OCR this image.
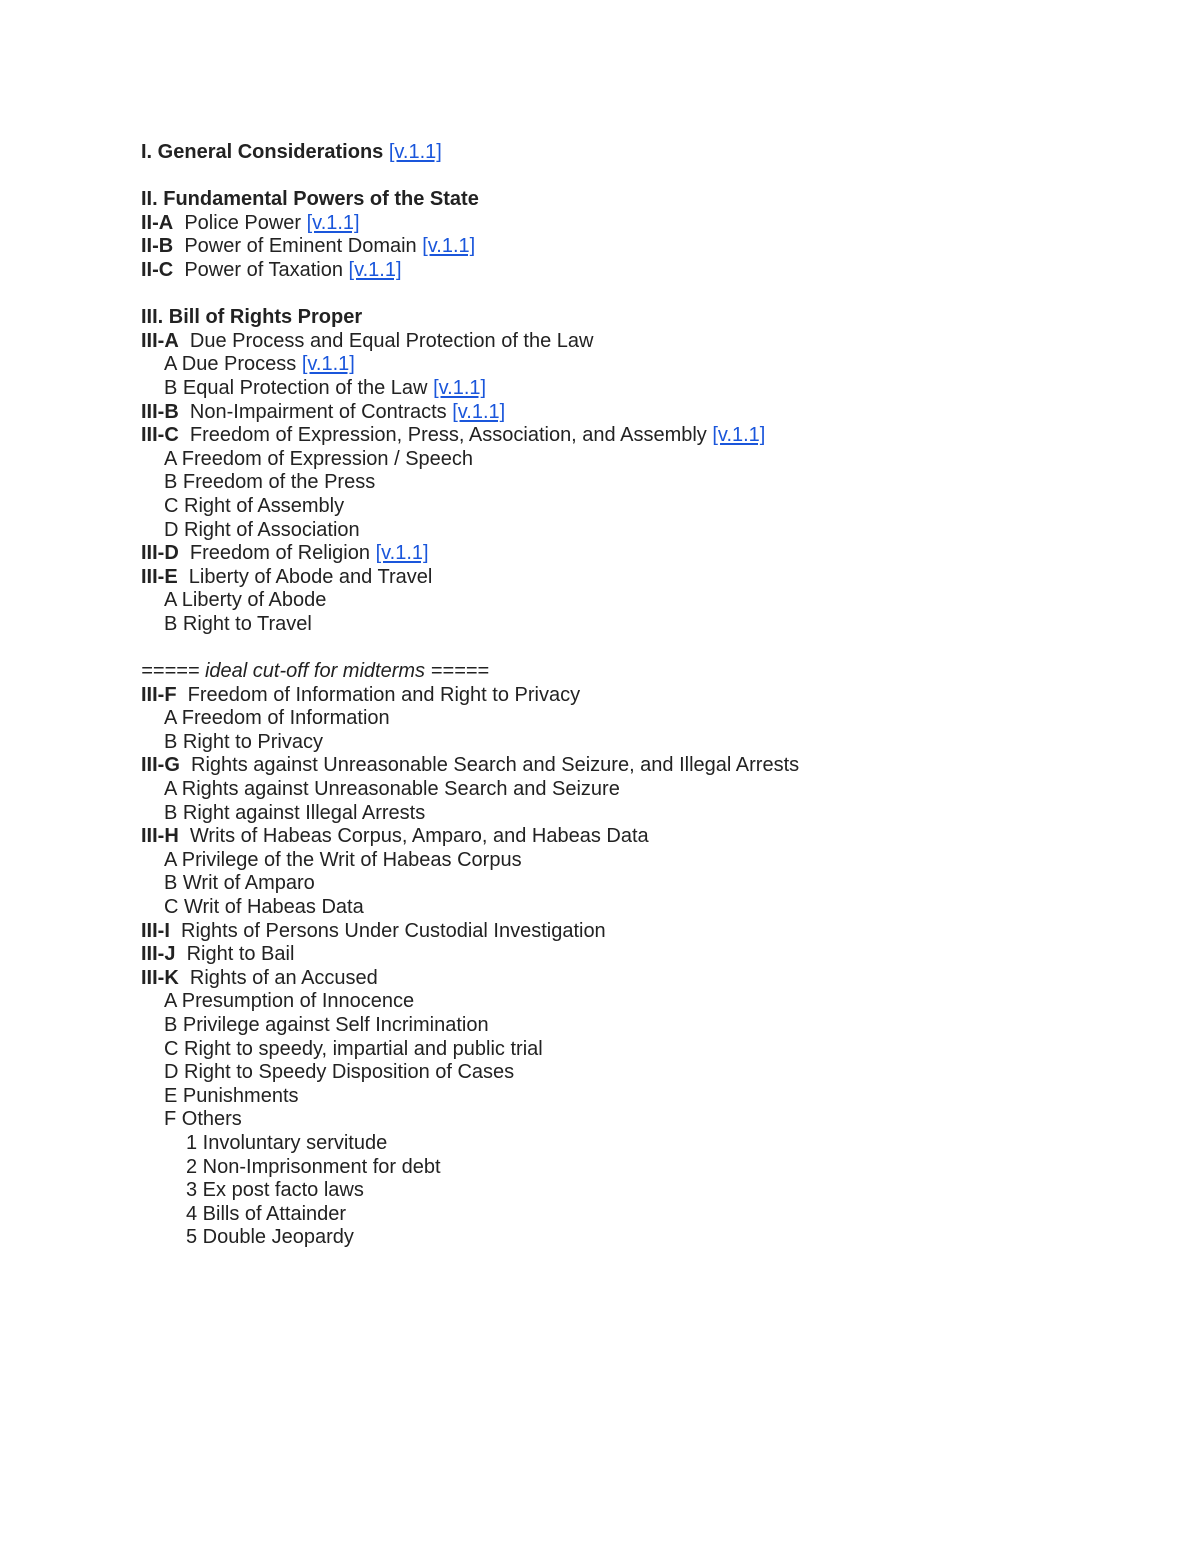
I. General Considerations [v.1.1]
II. Fundamental Powers of the State
II-A Police Power [v.1.1]
II-B Power of Eminent Domain [v.1.1]
II-C Power of Taxation [v.1.1]
III. Bill of Rights Proper
III-A Due Process and Equal Protection of the Law
A Due Process [v.1.1]
B Equal Protection of the Law [v.1.1]
III-B Non-Impairment of Contracts [v.1.1]
III-C Freedom of Expression, Press, Association, and Assembly [v.1.1]
A Freedom of Expression / Speech
B Freedom of the Press
C Right of Assembly
D Right of Association
III-D Freedom of Religion [v.1.1]
III-E Liberty of Abode and Travel
A Liberty of Abode
B Right to Travel
===== ideal cut-off for midterms =====
III-F Freedom of Information and Right to Privacy
A Freedom of Information
B Right to Privacy
III-G Rights against Unreasonable Search and Seizure, and Illegal Arrests
A Rights against Unreasonable Search and Seizure
B Right against Illegal Arrests
III-H Writs of Habeas Corpus, Amparo, and Habeas Data
A Privilege of the Writ of Habeas Corpus
B Writ of Amparo
C Writ of Habeas Data
III-I Rights of Persons Under Custodial Investigation
III-J Right to Bail
III-K Rights of an Accused
A Presumption of Innocence
B Privilege against Self Incrimination
C Right to speedy, impartial and public trial
D Right to Speedy Disposition of Cases
E Punishments
F Others
1 Involuntary servitude
2 Non-Imprisonment for debt
3 Ex post facto laws
4 Bills of Attainder
5 Double Jeopardy
